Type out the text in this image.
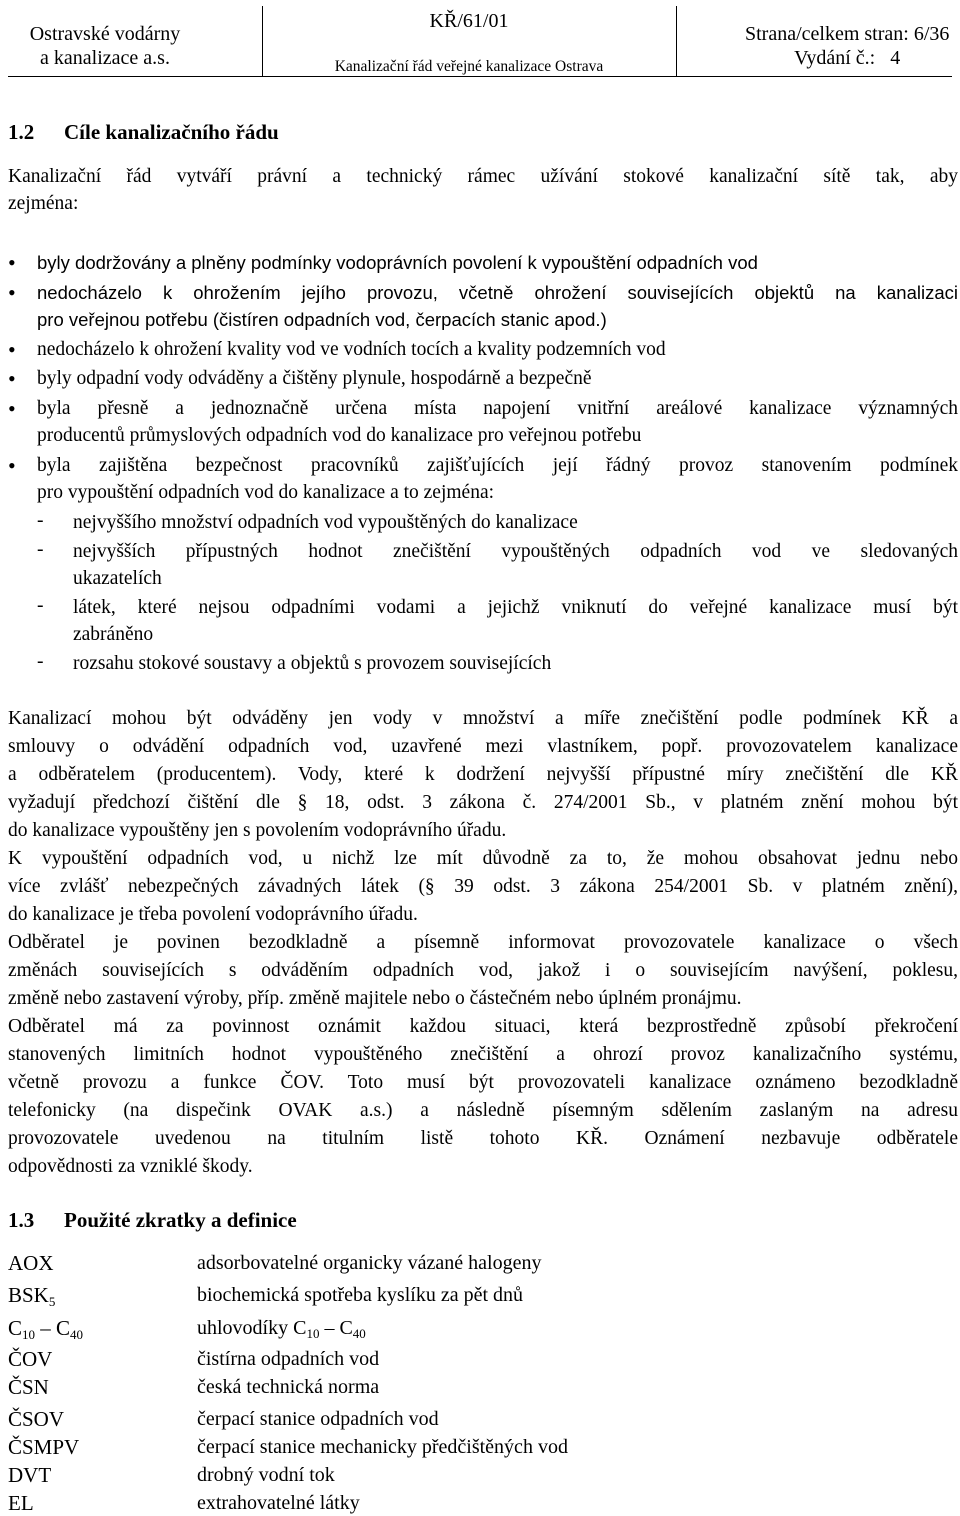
Ostravské vodárny
a kanalizace a.s.
KŘ/61/01
Kanalizační řád veřejné kanalizace Ostrava
Strana/celkem stran: 6/36
Vydání č.: 4
1.2 Cíle kanalizačního řádu
Kanalizační řád vytváří právní a technický rámec užívání stokové kanalizační sítě tak, aby
zejména:
•	byly dodržovány a plněny podmínky vodoprávních povolení k vypouštění odpadních vod
•	nedocházelo k ohrožením jejího provozu, včetně ohrožení souvisejících objektů na kanalizaci
pro veřejnou potřebu (čistíren odpadních vod, čerpacích stanic apod.)
•	nedocházelo k ohrožení kvality vod ve vodních tocích a kvality podzemních vod
•	byly odpadní vody odváděny a čištěny plynule, hospodárně a bezpečně
•	byla přesně a jednoznačně určena místa napojení vnitřní areálové kanalizace významných
producentů průmyslových odpadních vod do kanalizace pro veřejnou potřebu
•	byla zajištěna bezpečnost pracovníků zajišťujících její řádný provoz stanovením podmínek
pro vypouštění odpadních vod do kanalizace a to zejména:
- nejvyššího množství odpadních vod vypouštěných do kanalizace
- nejvyšších přípustných hodnot znečištění vypouštěných odpadních vod ve sledovaných
ukazatelích
- látek, které nejsou odpadními vodami a jejichž vniknutí do veřejné kanalizace musí být
zabráněno
- rozsahu stokové soustavy a objektů s provozem souvisejících
Kanalizací mohou být odváděny jen vody v množství a míře znečištění podle podmínek KŘ a
smlouvy o odvádění odpadních vod, uzavřené mezi vlastníkem, popř. provozovatelem kanalizace
a odběratelem (producentem). Vody, které k dodržení nejvyšší přípustné míry znečištění dle KŘ
vyžadují předchozí čištění dle § 18, odst. 3 zákona č. 274/2001 Sb., v platném znění mohou být
do kanalizace vypouštěny jen s povolením vodoprávního úřadu.
K vypouštění odpadních vod, u nichž lze mít důvodně za to, že mohou obsahovat jednu nebo
více zvlášť nebezpečných závadných látek (§ 39 odst. 3 zákona 254/2001 Sb. v platném znění),
do kanalizace je třeba povolení vodoprávního úřadu.
Odběratel je povinen bezodkladně a písemně informovat provozovatele kanalizace o všech
změnách souvisejících s odváděním odpadních vod, jakož i o souvisejícím navýšení, poklesu,
změně nebo zastavení výroby, příp. změně majitele nebo o částečném nebo úplném pronájmu.
Odběratel má za povinnost oznámit každou situaci, která bezprostředně způsobí překročení
stanovených limitních hodnot vypouštěného znečištění a ohrozí provoz kanalizačního systému,
včetně provozu a funkce ČOV. Toto musí být provozovateli kanalizace oznámeno bezodkladně
telefonicky (na dispečink OVAK a.s.) a následně písemným sdělením zaslaným na adresu
provozovatele uvedenou na titulním listě tohoto KŘ. Oznámení nezbavuje odběratele
odpovědnosti za vzniklé škody.
1.3 Použité zkratky a definice
AOX	adsorbovatelné organicky vázané halogeny
$BSK_5$	biochemická spotřeba kyslíku za pět dnů
$C_{10} - C_{40}$	uhlovodíky $C_{10} - C_{40}$
ČOV	čistírna odpadních vod
ČSN	česká technická norma
ČSOV	čerpací stanice odpadních vod
ČSMPV	čerpací stanice mechanicky předčištěných vod
DVT	drobný vodní tok
EL	extrahovatelné látky
